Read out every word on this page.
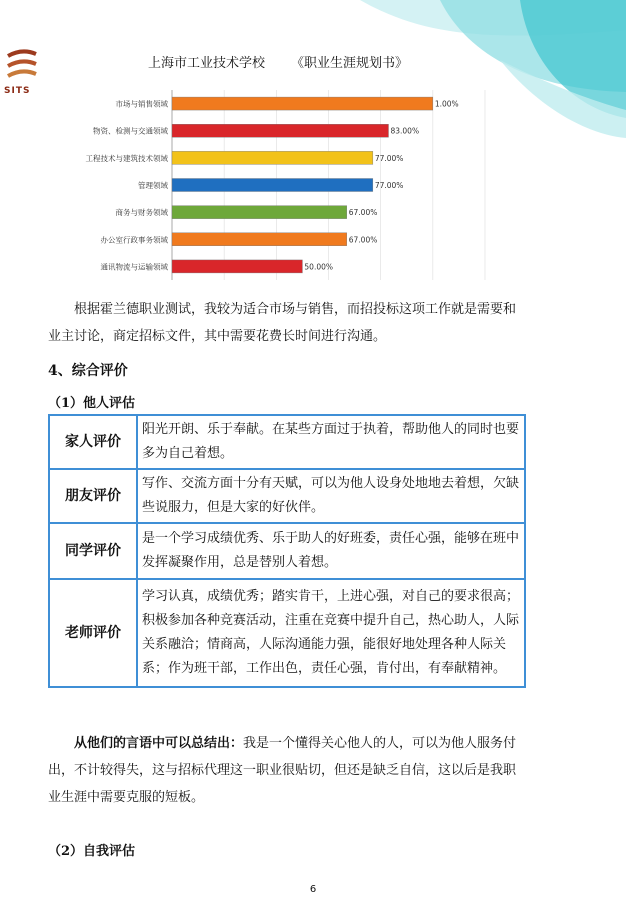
SITS
上海市工业技术学校 《职业生涯规划书》
市场与销售领域	1.00%
物资、检测与交通领域	83.00%
工程技术与建筑技术领域	77.00%
管理领域	77.00%
商务与财务领域	67.00%
办公室行政事务领域	67.00%
通讯物流与运输领域	50.00%

根据霍兰德职业测试，我较为适合市场与销售，而招投标这项工作就是需要和业主讨论，商定招标文件，其中需要花费长时间进行沟通。

4、综合评价
（1）他人评估
家人评价	阳光开朗、乐于奉献。在某些方面过于执着，帮助他人的同时也要多为自己着想。
朋友评价	写作、交流方面十分有天赋，可以为他人设身处地地去着想，欠缺些说服力，但是大家的好伙伴。
同学评价	是一个学习成绩优秀、乐于助人的好班委，责任心强，能够在班中发挥凝聚作用，总是替别人着想。
老师评价	学习认真，成绩优秀；踏实肯干，上进心强，对自己的要求很高；积极参加各种竞赛活动，注重在竞赛中提升自己，热心助人，人际关系融洽；情商高，人际沟通能力强，能很好地处理各种人际关系；作为班干部，工作出色，责任心强，肯付出，有奉献精神。

从他们的言语中可以总结出：我是一个懂得关心他人的人，可以为他人服务付出，不计较得失，这与招标代理这一职业很贴切，但还是缺乏自信，这以后是我职业生涯中需要克服的短板。

（2）自我评估
6
